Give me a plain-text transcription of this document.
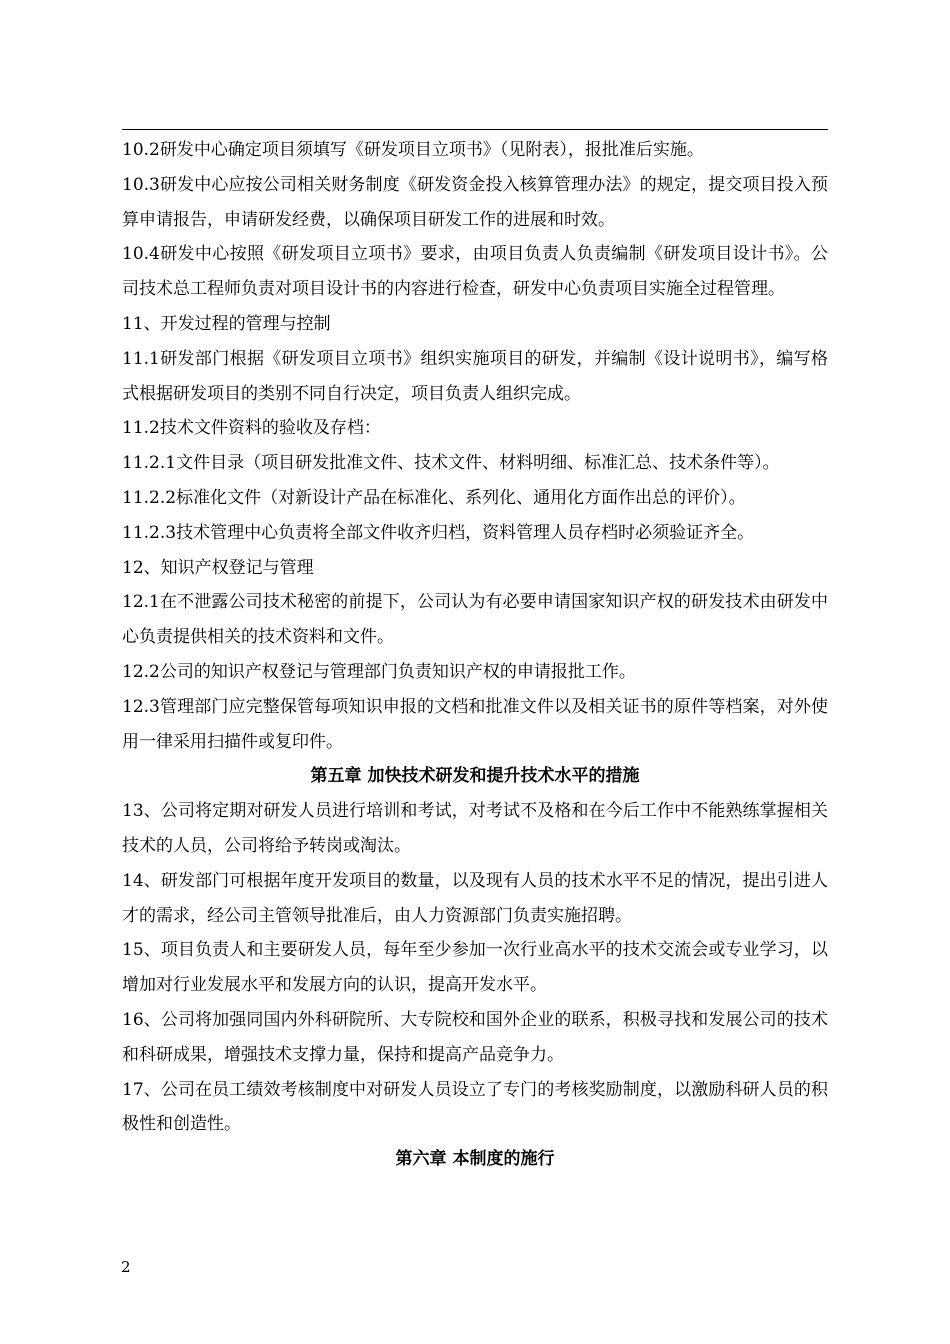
10.2研发中心确定项目须填写《研发项目立项书》（见附表），报批准后实施。

10.3研发中心应按公司相关财务制度《研发资金投入核算管理办法》的规定，提交项目投入预算申请报告，申请研发经费，以确保项目研发工作的进展和时效。

10.4研发中心按照《研发项目立项书》要求，由项目负责人负责编制《研发项目设计书》。公司技术总工程师负责对项目设计书的内容进行检查，研发中心负责项目实施全过程管理。

11、开发过程的管理与控制

11.1研发部门根据《研发项目立项书》组织实施项目的研发，并编制《设计说明书》，编写格式根据研发项目的类别不同自行决定，项目负责人组织完成。

11.2技术文件资料的验收及存档：

11.2.1文件目录（项目研发批准文件、技术文件、材料明细、标准汇总、技术条件等）。

11.2.2标准化文件（对新设计产品在标准化、系列化、通用化方面作出总的评价）。

11.2.3技术管理中心负责将全部文件收齐归档，资料管理人员存档时必须验证齐全。

12、知识产权登记与管理

12.1在不泄露公司技术秘密的前提下，公司认为有必要申请国家知识产权的研发技术由研发中心负责提供相关的技术资料和文件。

12.2公司的知识产权登记与管理部门负责知识产权的申请报批工作。

12.3管理部门应完整保管每项知识申报的文档和批准文件以及相关证书的原件等档案，对外使用一律采用扫描件或复印件。

第五章 加快技术研发和提升技术水平的措施

13、公司将定期对研发人员进行培训和考试，对考试不及格和在今后工作中不能熟练掌握相关技术的人员，公司将给予转岗或淘汰。

14、研发部门可根据年度开发项目的数量，以及现有人员的技术水平不足的情况，提出引进人才的需求，经公司主管领导批准后，由人力资源部门负责实施招聘。

15、项目负责人和主要研发人员，每年至少参加一次行业高水平的技术交流会或专业学习，以增加对行业发展水平和发展方向的认识，提高开发水平。

16、公司将加强同国内外科研院所、大专院校和国外企业的联系，积极寻找和发展公司的技术和科研成果，增强技术支撑力量，保持和提高产品竞争力。

17、公司在员工绩效考核制度中对研发人员设立了专门的考核奖励制度，以激励科研人员的积极性和创造性。

第六章 本制度的施行

2
